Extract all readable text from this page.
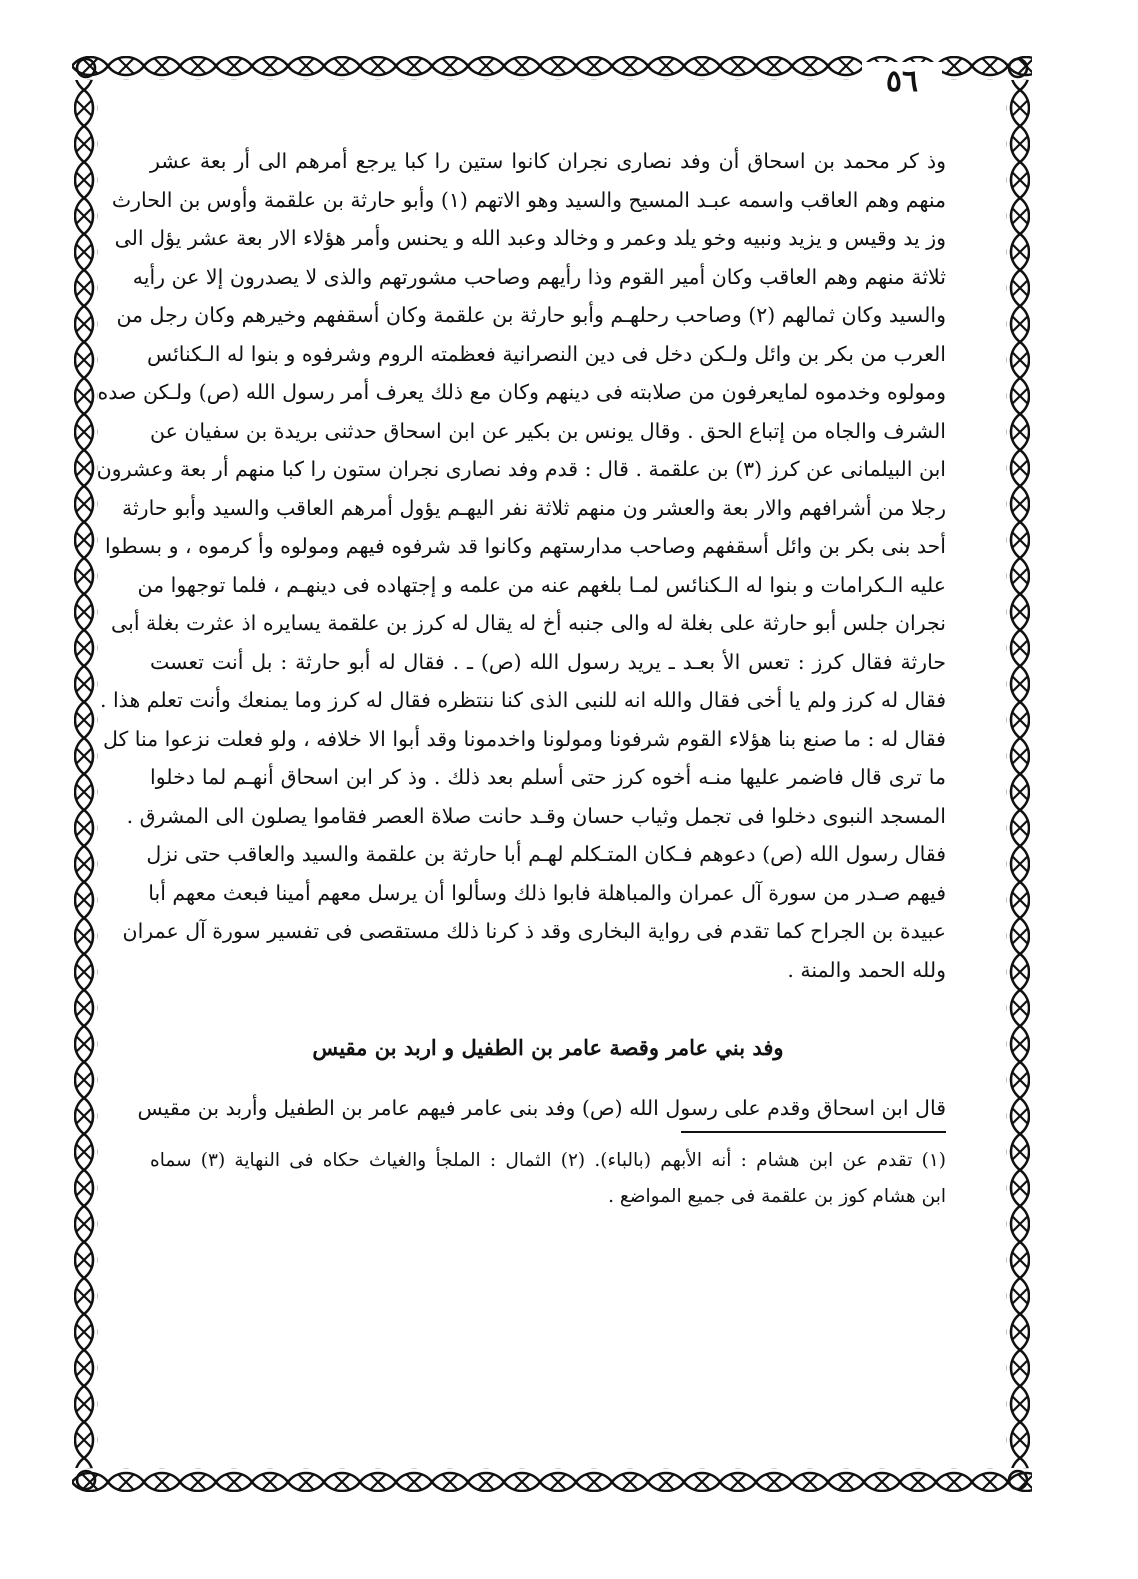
٥٦

وذ كر محمد بن اسحاق أن وفد نصارى نجران كانوا ستين را كبا يرجع أمرهم الى أر بعة عشر

منهم وهم العاقب واسمه عبـد المسيح والسيد وهو الاتهم (١) وأبو حارثة بن علقمة وأوس بن الحارث

وز يد وقيس و يزيد ونبيه وخو يلد وعمر و وخالد وعبد الله و يحنس وأمر هؤلاء الار بعة عشر يؤل الى

ثلاثة منهم وهم العاقب وكان أمير القوم وذا رأيهم وصاحب مشورتهم والذى لا يصدرون إلا عن رأيه

والسيد وكان ثمالهم (٢) وصاحب رحلهـم وأبو حارثة بن علقمة وكان أسقفهم وخيرهم وكان رجل من

العرب من بكر بن وائل ولـكن دخل فى دين النصرانية فعظمته الروم وشرفوه و بنوا له الـكنائس

ومولوه وخدموه لمايعرفون من صلابته فى دينهم وكان مع ذلك يعرف أمر رسول الله (ص) ولـكن صده

الشرف والجاه من إتباع الحق . وقال يونس بن بكير عن ابن اسحاق حدثنى بريدة بن سفيان عن

ابن البيلمانى عن كرز (٣) بن علقمة . قال : قدم وفد نصارى نجران ستون را كبا منهم أر بعة وعشرون

رجلا من أشرافهم والار بعة والعشر ون منهم ثلاثة نفر اليهـم يؤول أمرهم العاقب والسيد وأبو حارثة

أحد بنى بكر بن وائل أسقفهم وصاحب مدارستهم وكانوا قد شرفوه فيهم ومولوه وأ كرموه ، و بسطوا

عليه الـكرامات و بنوا له الـكنائس لمـا بلغهم عنه من علمه و إجتهاده فى دينهـم ، فلما توجهوا من

نجران جلس أبو حارثة على بغلة له والى جنبه أخ له يقال له كرز بن علقمة يسايره اذ عثرت بغلة أبى

حارثة فقال كرز : تعس الأ بعـد ـ يريد رسول الله (ص) ـ . فقال له أبو حارثة : بل أنت تعست

فقال له كرز ولم يا أخى فقال والله انه للنبى الذى كنا ننتظره فقال له كرز وما يمنعك وأنت تعلم هذا .

فقال له : ما صنع بنا هؤلاء القوم شرفونا ومولونا واخدمونا وقد أبوا الا خلافه ، ولو فعلت نزعوا منا كل

ما ترى قال فاضمر عليها منـه أخوه كرز حتى أسلم بعد ذلك . وذ كر ابن اسحاق أنهـم لما دخلوا

المسجد النبوى دخلوا فى تجمل وثياب حسان وقـد حانت صلاة العصر فقاموا يصلون الى المشرق .

فقال رسول الله (ص) دعوهم فـكان المتـكلم لهـم أبا حارثة بن علقمة والسيد والعاقب حتى نزل

فيهم صـدر من سورة آل عمران والمباهلة فابوا ذلك وسألوا أن يرسل معهم أمينا فبعث معهم أبا

عبيدة بن الجراح كما تقدم فى رواية البخارى وقد ذ كرنا ذلك مستقصى فى تفسير سورة آل عمران

ولله الحمد والمنة .

وفد بني عامر وقصة عامر بن الطفيل و اربد بن مقيس

قال ابن اسحاق وقدم على رسول الله (ص) وفد بنى عامر فيهم عامر بن الطفيل وأربد بن مقيس

(١) تقدم عن ابن هشام : أنه الأبهم (بالباء). (٢) الثمال : الملجأ والغياث حكاه فى النهاية (٣) سماه

ابن هشام كوز بن علقمة فى جميع المواضع .
